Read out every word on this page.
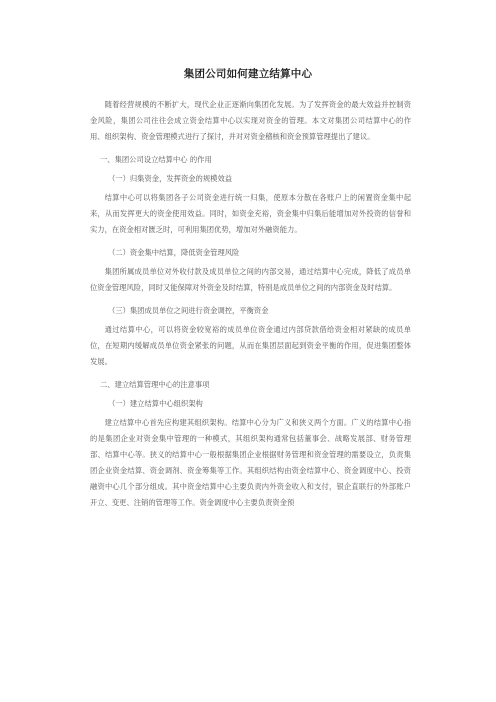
集团公司如何建立结算中心

随着经营规模的不断扩大，现代企业正逐渐向集团化发展。为了发挥资金的最大效益并控制资金风险，集团公司往往会成立资金结算中心以实现对资金的管理。本文对集团公司结算中心的作用、组织架构、资金管理模式进行了探讨，并对对资金稽核和资金预算管理提出了建议。

一、集团公司设立结算中心 的作用

（一）归集资金，发挥资金的规模效益

结算中心可以将集团各子公司资金进行统一归集，使原本分散在各账户上的闲置资金集中起来，从而发挥更大的资金使用效益。同时，如资金充裕，资金集中归集后能增加对外投资的信誉和实力，在资金相对匮乏时，可利用集团优势，增加对外融资能力。

（二）资金集中结算，降低资金管理风险

集团所属成员单位对外收付款及成员单位之间的内部交易，通过结算中心完成，降低了成员单位资金管理风险，同时又能保障对外资金及时结算，特别是成员单位之间的内部资金及时结算。

（三）集团成员单位之间进行资金调控，平衡资金

通过结算中心，可以将资金较宽裕的成员单位资金通过内部贷款借给资金相对紧缺的成员单位，在短期内缓解成员单位资金紧张的问题，从而在集团层面起到资金平衡的作用，促进集团整体发展。

二、建立结算管理中心的注意事项

（一）建立结算中心组织架构

建立结算中心首先应构建其组织架构。结算中心分为广义和狭义两个方面。广义的结算中心指的是集团企业对资金集中管理的一种模式，其组织架构通常包括董事会、战略发展部、财务管理部、结算中心等。狭义的结算中心一般根据集团企业根据财务管理和资金管理的需要设立，负责集团企业资金结算、资金调剂、资金筹集等工作。其组织结构由资金结算中心、资金调度中心、投资融资中心几个部分组成。其中资金结算中心主要负责内外资金收入和支付，银企直联行的外部账户开立、变更、注销的管理等工作。资金调度中心主要负责资金预
